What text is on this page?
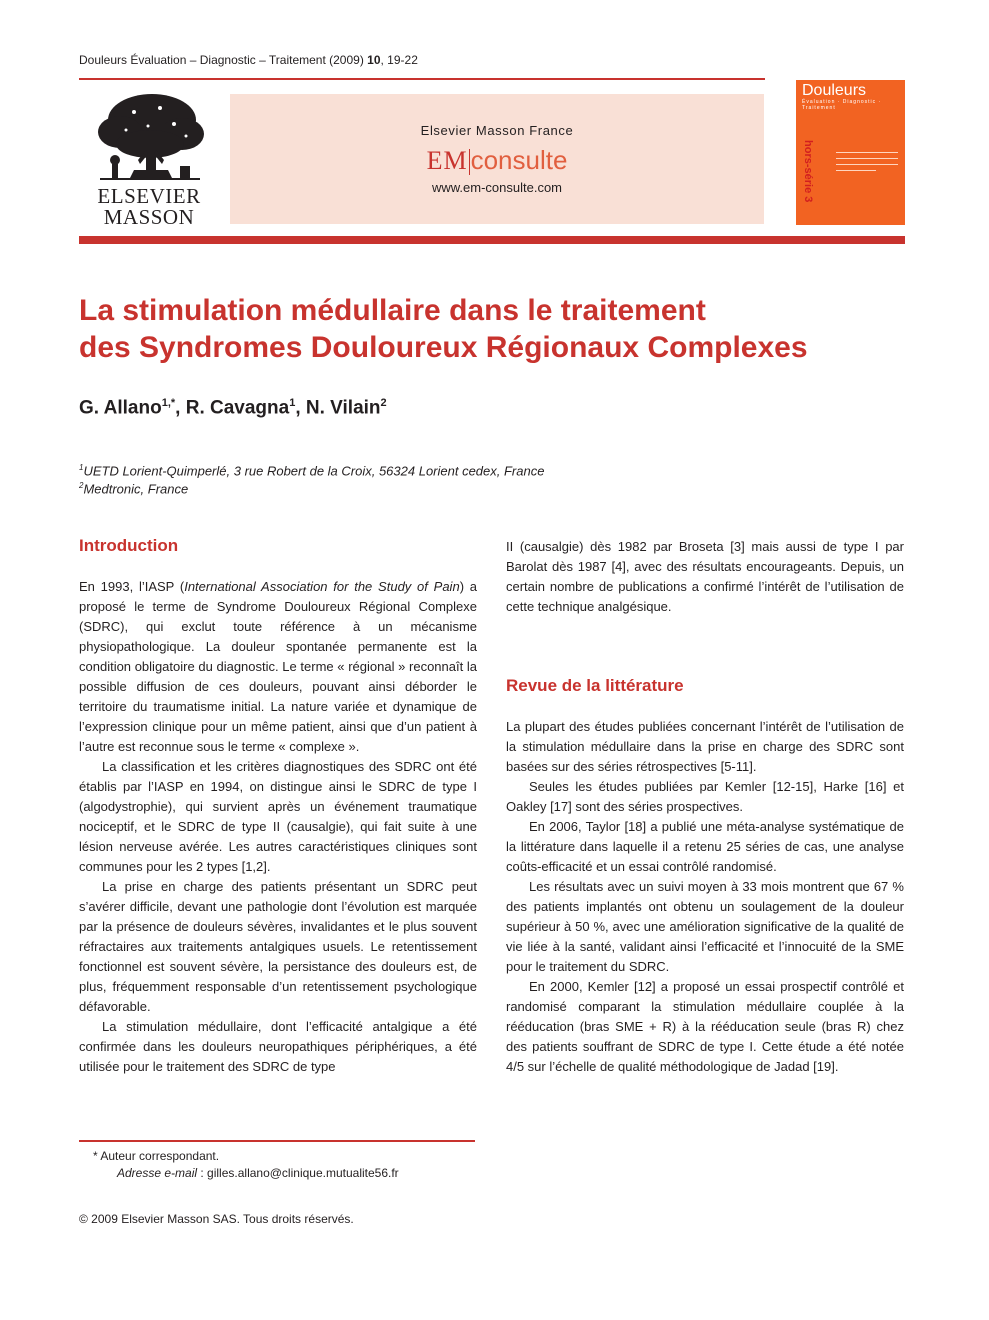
Douleurs Évaluation – Diagnostic – Traitement (2009) 10, 19-22
ELSEVIER
MASSON
Elsevier Masson France
EM consulte
www.em-consulte.com
Douleurs
Évaluation · Diagnostic · Traitement
hors-série 3
La stimulation médullaire dans le traitement
des Syndromes Douloureux Régionaux Complexes
G. Allano$^{1,*}$, R. Cavagna$^1$, N. Vilain$^2$
$^1$UETD Lorient-Quimperlé, 3 rue Robert de la Croix, 56324 Lorient cedex, France
$^2$Medtronic, France
Introduction

En 1993, l’IASP (International Association for the Study of Pain) a proposé le terme de Syndrome Douloureux Régional Complexe (SDRC), qui exclut toute référence à un mécanisme physiopathologique. La douleur spontanée permanente est la condition obligatoire du diagnostic. Le terme « régional » reconnaît la possible diffusion de ces douleurs, pouvant ainsi déborder le territoire du traumatisme initial. La nature variée et dynamique de l’expression clinique pour un même patient, ainsi que d’un patient à l’autre est reconnue sous le terme « complexe ».

La classification et les critères diagnostiques des SDRC ont été établis par l’IASP en 1994, on distingue ainsi le SDRC de type I (algodystrophie), qui survient après un événement traumatique nociceptif, et le SDRC de type II (causalgie), qui fait suite à une lésion nerveuse avérée. Les autres caractéristiques cliniques sont communes pour les 2 types [1,2].

La prise en charge des patients présentant un SDRC peut s’avérer difficile, devant une pathologie dont l’évolution est marquée par la présence de douleurs sévères, invalidantes et le plus souvent réfractaires aux traitements antalgiques usuels. Le retentissement fonctionnel est souvent sévère, la persistance des douleurs est, de plus, fréquemment responsable d’un retentissement psychologique défavorable.

La stimulation médullaire, dont l’efficacité antalgique a été confirmée dans les douleurs neuropathiques périphériques, a été utilisée pour le traitement des SDRC de type

II (causalgie) dès 1982 par Broseta [3] mais aussi de type I par Barolat dès 1987 [4], avec des résultats encourageants. Depuis, un certain nombre de publications a confirmé l’intérêt de l’utilisation de cette technique analgésique.

Revue de la littérature

La plupart des études publiées concernant l’intérêt de l’utilisation de la stimulation médullaire dans la prise en charge des SDRC sont basées sur des séries rétrospectives [5-11].

Seules les études publiées par Kemler [12-15], Harke [16] et Oakley [17] sont des séries prospectives.

En 2006, Taylor [18] a publié une méta-analyse systématique de la littérature dans laquelle il a retenu 25 séries de cas, une analyse coûts-efficacité et un essai contrôlé randomisé.

Les résultats avec un suivi moyen à 33 mois montrent que 67 % des patients implantés ont obtenu un soulagement de la douleur supérieur à 50 %, avec une amélioration significative de la qualité de vie liée à la santé, validant ainsi l’efficacité et l’innocuité de la SME pour le traitement du SDRC.

En 2000, Kemler [12] a proposé un essai prospectif contrôlé et randomisé comparant la stimulation médullaire couplée à la rééducation (bras SME + R) à la rééducation seule (bras R) chez des patients souffrant de SDRC de type I. Cette étude a été notée 4/5 sur l’échelle de qualité méthodologique de Jadad [19].

* Auteur correspondant.
Adresse e-mail : gilles.allano@clinique.mutualite56.fr
© 2009 Elsevier Masson SAS. Tous droits réservés.
